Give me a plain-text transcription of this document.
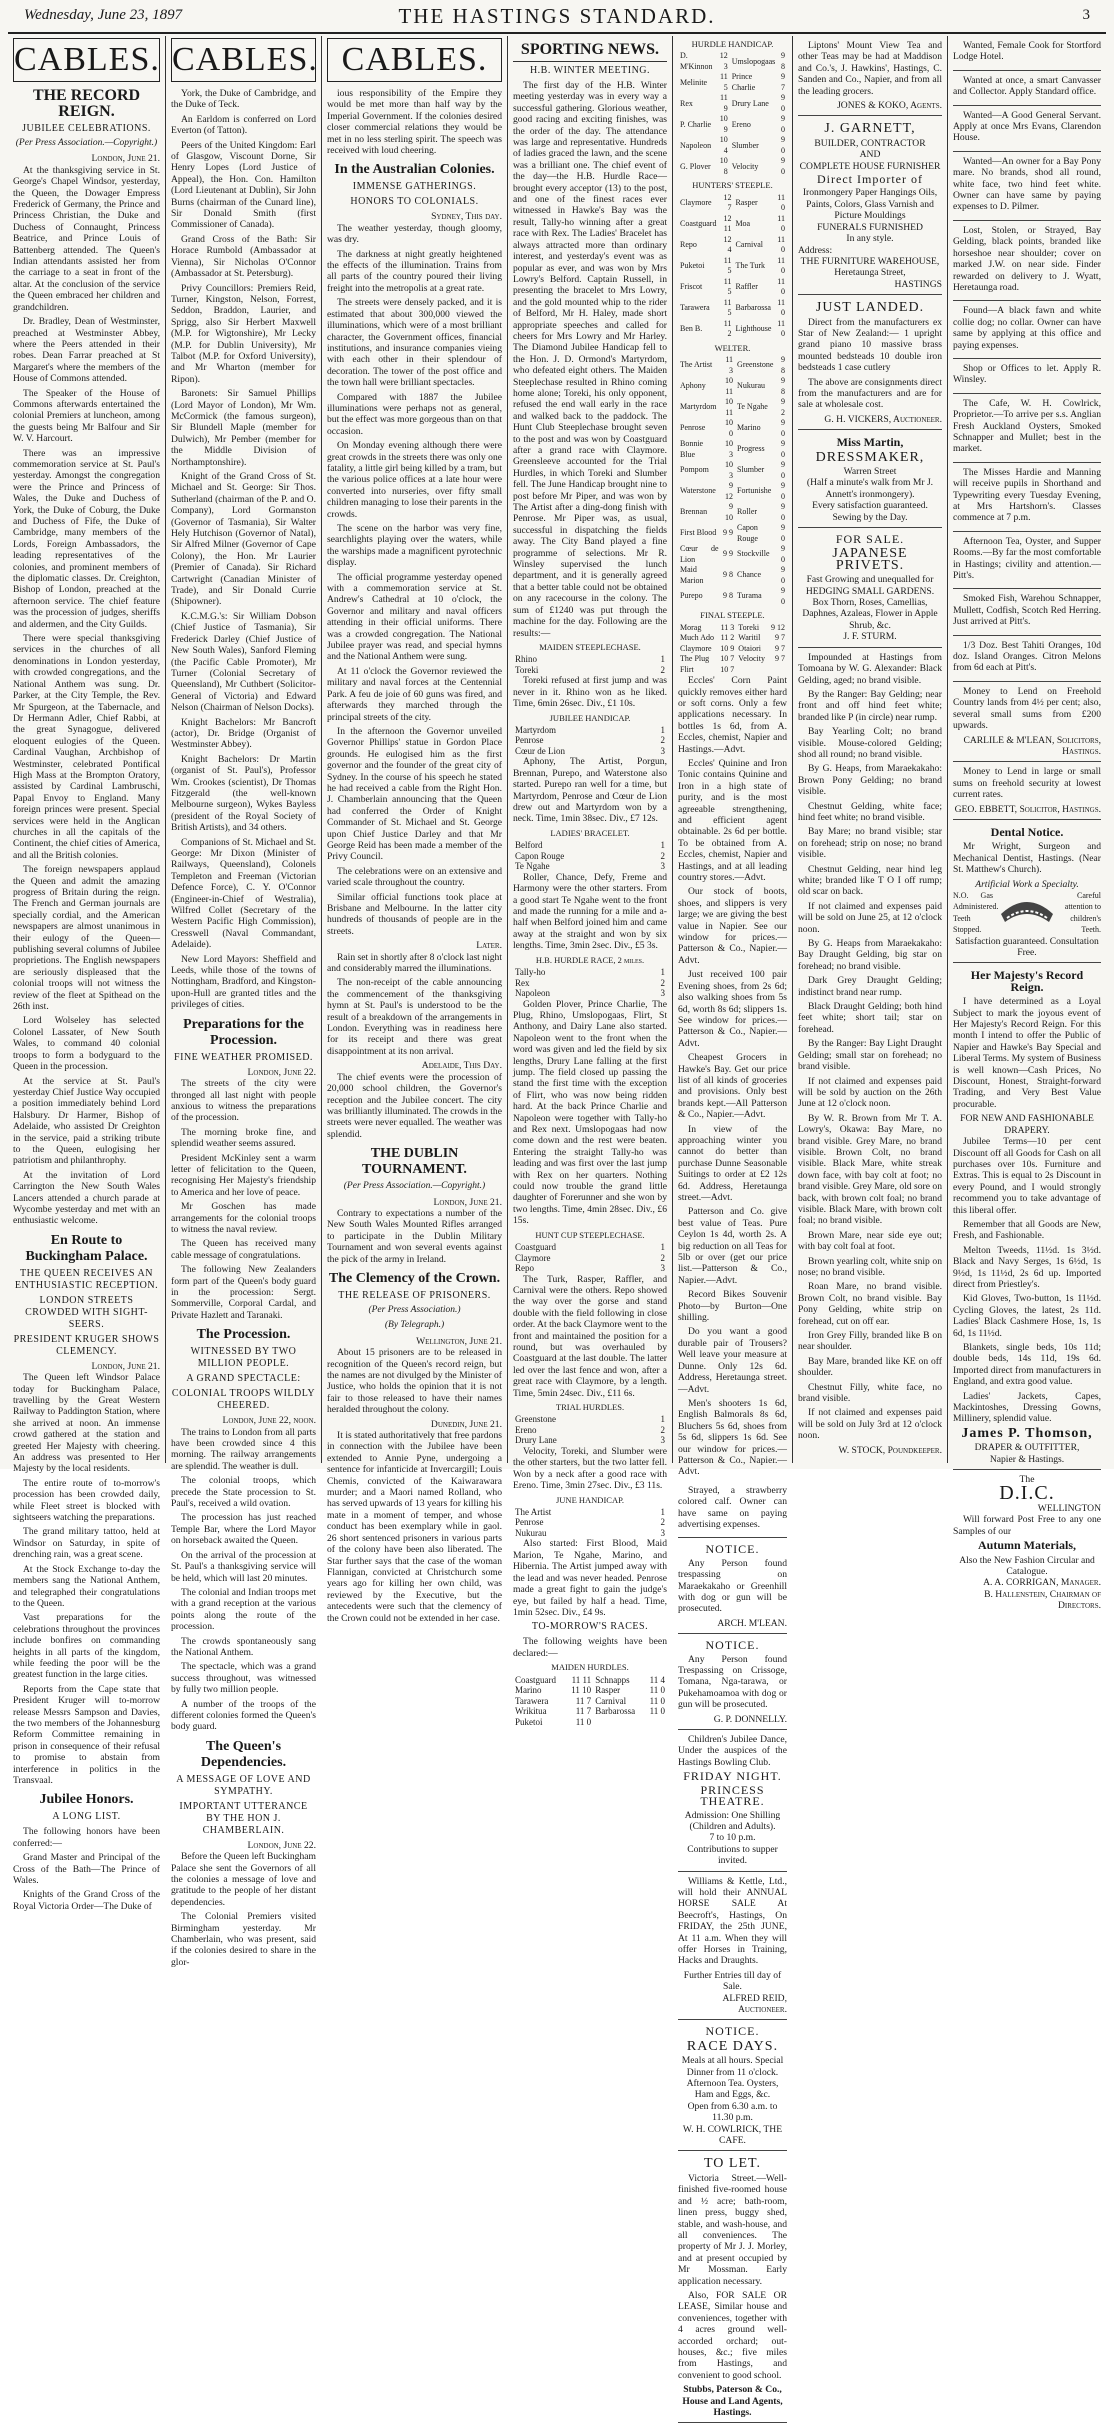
Wednesday, June 23, 1897	THE HASTINGS STANDARD.	3
CABLES.
THE RECORD REIGN.
JUBILEE CELEBRATIONS.
(Per Press Association.—Copyright.)
London, June 21.

At the thanksgiving service in St. George's Chapel Windsor, yesterday, the Queen, the Dowager Empress Frederick of Germany, the Prince and Princess Christian, the Duke and Duchess of Connaught, Princess Beatrice, and Prince Louis of Battenberg attended. The Queen's Indian attendants assisted her from the carriage to a seat in front of the altar. At the conclusion of the service the Queen embraced her children and grandchildren.

Dr. Bradley, Dean of Westminster, preached at Westminster Abbey, where the Peers attended in their robes. Dean Farrar preached at St Margaret's where the members of the House of Commons attended.

The Speaker of the House of Commons afterwards entertained the colonial Premiers at luncheon, among the guests being Mr Balfour and Sir W. V. Harcourt.

There was an impressive commemoration service at St. Paul's yesterday. Amongst the congregation were the Prince and Princess of Wales, the Duke and Duchess of York, the Duke of Coburg, the Duke and Duchess of Fife, the Duke of Cambridge, many members of the Lords, Foreign Ambassadors, the leading representatives of the colonies, and prominent members of the diplomatic classes. Dr. Creighton, Bishop of London, preached at the afternoon service. The chief feature was the procession of judges, sheriffs and aldermen, and the City Guilds.

There were special thanksgiving services in the churches of all denominations in London yesterday, with crowded congregations, and the National Anthem was sung. Dr. Parker, at the City Temple, the Rev. Mr Spurgeon, at the Tabernacle, and Dr Hermann Adler, Chief Rabbi, at the great Synagogue, delivered eloquent eulogies of the Queen. Cardinal Vaughan, Archbishop of Westminster, celebrated Pontifical High Mass at the Brompton Oratory, assisted by Cardinal Lambruschi, Papal Envoy to England. Many foreign princes were present. Special services were held in the Anglican churches in all the capitals of the Continent, the chief cities of America, and all the British colonies.

The foreign newspapers applaud the Queen and admit the amazing progress of Britain during the reign. The French and German journals are specially cordial, and the American newspapers are almost unanimous in their eulogy of the Queen—publishing several columns of Jubilee proprietions. The English newspapers are seriously displeased that the colonial troops will not witness the review of the fleet at Spithead on the 26th inst.

Lord Wolseley has selected Colonel Lassater, of New South Wales, to command 40 colonial troops to form a bodyguard to the Queen in the procession.

At the service at St. Paul's yesterday Chief Justice Way occupied a position immediately behind Lord Halsbury. Dr Harmer, Bishop of Adelaide, who assisted Dr Creighton in the service, paid a striking tribute to the Queen, eulogising her patriotism and philanthrophy.

At the invitation of Lord Carrington the New South Wales Lancers attended a church parade at Wycombe yesterday and met with an enthusiastic welcome.

En Route to Buckingham Palace.
THE QUEEN RECEIVES AN ENTHUSIASTIC RECEPTION.
LONDON STREETS CROWDED WITH SIGHT-SEERS.
PRESIDENT KRUGER SHOWS CLEMENCY.
London, June 21.

The Queen left Windsor Palace today for Buckingham Palace, travelling by the Great Western Railway to Paddington Station, where she arrived at noon. An immense crowd gathered at the station and greeted Her Majesty with cheering. An address was presented to Her Majesty by the local residents.

The entire route of to-morrow's procession has been crowded daily, while Fleet street is blocked with sightseers watching the preparations.

The grand military tattoo, held at Windsor on Saturday, in spite of drenching rain, was a great scene.

At the Stock Exchange to-day the members sang the National Anthem, and telegraphed their congratulations to the Queen.

Vast preparations for the celebrations throughout the provinces include bonfires on commanding heights in all parts of the kingdom, while feeding the poor will be the greatest function in the large cities.

Reports from the Cape state that President Kruger will to-morrow release Messrs Sampson and Davies, the two members of the Johannesburg Reform Committee remaining in prison in consequence of their refusal to promise to abstain from interference in politics in the Transvaal.

Jubilee Honors.
A LONG LIST.

The following honors have been conferred:—

Grand Master and Principal of the Cross of the Bath—The Prince of Wales.

Knights of the Grand Cross of the Royal Victoria Order—The Duke of

CABLES.

York, the Duke of Cambridge, and the Duke of Teck.

An Earldom is conferred on Lord Everton (of Tatton).

Peers of the United Kingdom: Earl of Glasgow, Viscount Dorne, Sir Henry Lopes (Lord Justice of Appeal), the Hon. Con. Hamilton (Lord Lieutenant at Dublin), Sir John Burns (chairman of the Cunard line), Sir Donald Smith (first Commissioner of Canada).

Grand Cross of the Bath: Sir Horace Rumbold (Ambassador at Vienna), Sir Nicholas O'Connor (Ambassador at St. Petersburg).

Privy Councillors: Premiers Reid, Turner, Kingston, Nelson, Forrest, Seddon, Braddon, Laurier, and Sprigg, also Sir Herbert Maxwell (M.P. for Wigtonshire), Mr Lecky (M.P. for Dublin University), Mr Talbot (M.P. for Oxford University), and Mr Wharton (member for Ripon).

Baronets: Sir Samuel Phillips (Lord Mayor of London), Mr Wm. McCormick (the famous surgeon), Sir Blundell Maple (member for Dulwich), Mr Pember (member for the Middle Division of Northamptonshire).

Knight of the Grand Cross of St. Michael and St. George: Sir Thos. Sutherland (chairman of the P. and O. Company), Lord Gormanston (Governor of Tasmania), Sir Walter Hely Hutchison (Governor of Natal), Sir Alfred Milner (Governor of Cape Colony), the Hon. Mr Laurier (Premier of Canada). Sir Richard Cartwright (Canadian Minister of Trade), and Sir Donald Currie (Shipowner).

K.C.M.G.'s: Sir William Dobson (Chief Justice of Tasmania), Sir Frederick Darley (Chief Justice of New South Wales), Sanford Fleming (the Pacific Cable Promoter), Mr Turner (Colonial Secretary of Queensland), Mr Cuthbert (Solicitor-General of Victoria) and Edward Nelson (Chairman of Nelson Docks).

Knight Bachelors: Mr Bancroft (actor), Dr. Bridge (Organist of Westminster Abbey).

Knight Bachelors: Dr Martin (organist of St. Paul's), Professor Wm. Crookes (scientist), Dr Thomas Fitzgerald (the well-known Melbourne surgeon), Wykes Bayless (president of the Royal Society of British Artists), and 34 others.

Companions of St. Michael and St. George: Mr Dixon (Minister of Railways, Queensland), Colonels Templeton and Freeman (Victorian Defence Force), C. Y. O'Connor (Engineer-in-Chief of Westralia), Wilfred Collet (Secretary of the Western Pacific High Commission), Cresswell (Naval Commandant, Adelaide).

New Lord Mayors: Sheffield and Leeds, while those of the towns of Nottingham, Bradford, and Kingston-upon-Hull are granted titles and the privileges of cities.

Preparations for the Procession.
FINE WEATHER PROMISED.
London, June 22.

The streets of the city were thronged all last night with people anxious to witness the preparations of the procession.

The morning broke fine, and splendid weather seems assured.

President McKinley sent a warm letter of felicitation to the Queen, recognising Her Majesty's friendship to America and her love of peace.

Mr Goschen has made arrangements for the colonial troops to witness the naval review.

The Queen has received many cable message of congratulations.

The following New Zealanders form part of the Queen's body guard in the procession: Sergt. Sommerville, Corporal Cardal, and Private Hazlett and Taranaki.

The Procession.
WITNESSED BY TWO MILLION PEOPLE.
A GRAND SPECTACLE:
COLONIAL TROOPS WILDLY CHEERED.
London, June 22, noon.

The trains to London from all parts have been crowded since 4 this morning. The railway arrangements are splendid. The weather is dull.

The colonial troops, which precede the State procession to St. Paul's, received a wild ovation.

The procession has just reached Temple Bar, where the Lord Mayor on horseback awaited the Queen.

On the arrival of the procession at St. Paul's a thanksgiving service will be held, which will last 20 minutes.

The colonial and Indian troops met with a grand reception at the various points along the route of the procession.

The crowds spontaneously sang the National Anthem.

The spectacle, which was a grand success throughout, was witnessed by fully two million people.

A number of the troops of the different colonies formed the Queen's body guard.

The Queen's Dependencies.
A MESSAGE OF LOVE AND SYMPATHY.
IMPORTANT UTTERANCE BY THE HON J. CHAMBERLAIN.
London, June 22.

Before the Queen left Buckingham Palace she sent the Governors of all the colonies a message of love and gratitude to the people of her distant dependencies.

The Colonial Premiers visited Birmingham yesterday. Mr Chamberlain, who was present, said if the colonies desired to share in the glor-

CABLES.

ious responsibility of the Empire they would be met more than half way by the Imperial Government. If the colonies desired closer commercial relations they would be met in no less sterling spirit. The speech was received with loud cheering.

In the Australian Colonies.
IMMENSE GATHERINGS.
HONORS TO COLONIALS.
Sydney, This day.

The weather yesterday, though gloomy, was dry.

The darkness at night greatly heightened the effects of the illumination. Trains from all parts of the country poured their living freight into the metropolis at a great rate.

The streets were densely packed, and it is estimated that about 300,000 viewed the illuminations, which were of a most brilliant character, the Government offices, financial institutions, and insurance companies vieing with each other in their splendour of decoration. The tower of the post office and the town hall were brilliant spectacles.

Compared with 1887 the Jubilee illuminations were perhaps not as general, but the effect was more gorgeous than on that occasion.

On Monday evening although there were great crowds in the streets there was only one fatality, a little girl being killed by a tram, but the various police offices at a late hour were converted into nurseries, over fifty small children managing to lose their parents in the crowds.

The scene on the harbor was very fine, searchlights playing over the waters, while the warships made a magnificent pyrotechnic display.

The official programme yesterday opened with a commemoration service at St. Andrew's Cathedral at 10 o'clock, the Governor and military and naval officers attending in their official uniforms. There was a crowded congregation. The National Jubilee prayer was read, and special hymns and the National Anthem were sung.

At 11 o'clock the Governor reviewed the military and naval forces at the Centennial Park. A feu de joie of 60 guns was fired, and afterwards they marched through the principal streets of the city.

In the afternoon the Governor unveiled Governor Phillips' statue in Gordon Place grounds. He eulogised him as the first governor and the founder of the great city of Sydney. In the course of his speech he stated he had received a cable from the Right Hon. J. Chamberlain announcing that the Queen had conferred the Order of Knight Commander of St. Michael and St. George upon Chief Justice Darley and that Mr George Reid has been made a member of the Privy Council.

The celebrations were on an extensive and varied scale throughout the country.

Similar official functions took place at Brisbane and Melbourne. In the latter city hundreds of thousands of people are in the streets.

Later.

Rain set in shortly after 8 o'clock last night and considerably marred the illuminations.

The non-receipt of the cable announcing the commencement of the thanksgiving hymn at St. Paul's is understood to be the result of a breakdown of the arrangements in London. Everything was in readiness here for its receipt and there was great disappointment at its non arrival.

Adelaide, This Day.

The chief events were the procession of 20,000 school children, the Governor's reception and the Jubilee concert. The city was brilliantly illuminated. The crowds in the streets were never equalled. The weather was splendid.

THE DUBLIN TOURNAMENT.
(Per Press Association.—Copyright.)
London, June 21.

Contrary to expectations a number of the New South Wales Mounted Rifles arranged to participate in the Dublin Military Tournament and won several events against the pick of the army in Ireland.

The Clemency of the Crown.
THE RELEASE OF PRISONERS.
(Per Press Association.)
(By Telegraph.)
Wellington, June 21.

About 15 prisoners are to be released in recognition of the Queen's record reign, but the names are not divulged by the Minister of Justice, who holds the opinion that it is not fair to those released to have their names heralded throughout the colony.

Dunedin, June 21.

It is stated authoritatively that free pardons in connection with the Jubilee have been extended to Annie Pyne, undergoing a sentence for infanticide at Invercargill; Louis Chemis, convicted of the Kaiwarawara murder; and a Maori named Rolland, who has served upwards of 13 years for killing his mate in a moment of temper, and whose conduct has been exemplary while in gaol. 26 short sentenced prisoners in various parts of the colony have been also liberated. The Star further says that the case of the woman Flannigan, convicted at Christchurch some years ago for killing her own child, was reviewed by the Executive, but the antecedents were such that the clemency of the Crown could not be extended in her case.

SPORTING NEWS.
H.B. WINTER MEETING.

The first day of the H.B. Winter meeting yesterday was in every way a successful gathering. Glorious weather, good racing and exciting finishes, was the order of the day. The attendance was large and representative. Hundreds of ladies graced the lawn, and the scene was a brilliant one. The chief event of the day—the H.B. Hurdle Race—brought every acceptor (13) to the post, and one of the finest races ever witnessed in Hawke's Bay was the result, Tally-ho winning after a great race with Rex. The Ladies' Bracelet has always attracted more than ordinary interest, and yesterday's event was as popular as ever, and was won by Mrs Lowry's Belford. Captain Russell, in presenting the bracelet to Mrs Lowry, and the gold mounted whip to the rider of Belford, Mr H. Haley, made short appropriate speeches and called for cheers for Mrs Lowry and Mr Harley. The Diamond Jubilee Handicap fell to the Hon. J. D. Ormond's Martyrdom, who defeated eight others. The Maiden Steeplechase resulted in Rhino coming home alone; Toreki, his only opponent, refused the end wall early in the race and walked back to the paddock. The Hunt Club Steeplechase brought seven to the post and was won by Coastguard after a grand race with Claymore. Greensleeve accounted for the Trial Hurdles, in which Toreki and Slumber fell. The June Handicap brought nine to post before Mr Piper, and was won by The Artist after a ding-dong finish with Penrose. Mr Piper was, as usual, successful in dispatching the fields away. The City Band played a fine programme of selections. Mr R. Winsley supervised the lunch department, and it is generally agreed that a better table could not be obtained on any racecourse in the colony. The sum of £1240 was put through the machine for the day. Following are the results:—

MAIDEN STEEPLECHASE.
Rhino	1
Toreki	2

Toreki refused at first jump and was never in it. Rhino won as he liked. Time, 6min 26sec. Div., £1 10s.

JUBILEE HANDICAP.
Martyrdom	1
Penrose	2
Cœur de Lion	3

Aphony, The Artist, Porgun, Brennan, Purepo, and Waterstone also started. Purepo ran well for a time, but Martyrdom, Penrose and Cœur de Lion drew out and Martyrdom won by a neck. Time, 1min 38sec. Div., £7 12s.

LADIES' BRACELET.
Belford	1
Capon Rouge	2
Te Ngahe	3

Roller, Chance, Defy, Freme and Harmony were the other starters. From a good start Te Ngahe went to the front and made the running for a mile and a-half when Belford joined him and came away at the straight and won by six lengths. Time, 3min 2sec. Div., £5 3s.

H.B. HURDLE RACE, 2 miles.
Tally-ho	1
Rex	2
Napoleon	3

Golden Plover, Prince Charlie, The Plug, Rhino, Umslopogaas, Flirt, St Anthony, and Dairy Lane also started. Napoleon went to the front when the word was given and led the field by six lengths, Drury Lane falling at the first jump. The field closed up passing the stand the first time with the exception of Flirt, who was now being ridden hard. At the back Prince Charlie and Napoleon were together with Tally-ho and Rex next. Umslopogaas had now come down and the rest were beaten. Entering the straight Tally-ho was leading and was first over the last jump with Rex on her quarters. Nothing could now trouble the grand little daughter of Forerunner and she won by two lengths. Time, 4min 28sec. Div., £6 15s.

HUNT CUP STEEPLECHASE.
Coastguard	1
Claymore	2
Repo	3

The Turk, Rasper, Raffler, and Carnival were the others. Repo showed the way over the gorse and stand double with the field following in close order. At the back Claymore went to the front and maintained the position for a round, but was overhauled by Coastguard at the last double. The latter led over the last fence and won, after a great race with Claymore, by a length. Time, 5min 24sec. Div., £11 6s.

TRIAL HURDLES.
Greenstone	1
Ereno	2
Drury Lane	3

Velocity, Toreki, and Slumber were the other starters, but the two latter fell. Won by a neck after a good race with Ereno. Time, 3min 27sec. Div., £3 11s.

JUNE HANDICAP.
The Artist	1
Penrose	2
Nukurau	3

Also started: First Blood, Maid Marion, Te Ngahe, Marino, and Hibernia. The Artist jumped away with the lead and was never headed. Penrose made a great fight to gain the judge's eye, but failed by half a head. Time, 1min 52sec. Div., £4 9s.

TO-MORROW'S RACES.

The following weights have been declared:—

MAIDEN HURDLES.
Coastguard	11 11	Schnapps	11 4
Marino	11 10	Rasper	11 0
Tarawera	11 7	Carnival	11 0
Wrikitua	11 7	Barbarossa	11 0
Puketoi	11 0		
HURDLE HANDICAP.
D. M'Kinnon	12 3	Umslopogaas	9 8
Melinite	11 5	Prince Charlie	9 7
Rex	11 9	Drury Lane	9 0
P. Charlie	10 9	Ereno	9 0
Napoleon	10 4	Slumber	9 0
G. Plover	10 8	Velocity	9 0
HUNTERS' STEEPLE.
Claymore	12 7	Rasper	11 0
Coastguard	12 11	Moa	11 0
Repo	12 4	Carnival	11 0
Puketoi	11 5	The Turk	11 0
Friscot	11 5	Raffler	11 0
Tarawera	11 5	Barbarossa	11 0
Ben B.	11 2	Lighthouse	11 0
WELTER.
The Artist	11 3	Greenstone	9 8
Aphony	10 11	Nukurau	9 8
Martyrdom	10 11	Te Ngahe	9 2
Penrose	10 0	Marino	9 0
Bonnie Blue	10 3	Progress	9 0
Pompom	10 3	Slumber	9 0
Waterstone	9 12	Fortunishe	9 0
Brennan	9 10	Roller	9 0
First Blood	9 9	Capon Rouge	9 0
Cœur de Lion	9 9	Stockville	9 0
Maid Marion	9 8	Chance	9 0
Purepo	9 8	Turama	9 0
FINAL STEEPLE.
Morag	11 3	Toreki	9 12
Much Ado	11 2	Waritil	9 7
Claymore	10 9	Otaiori	9 7
The Plug	10 7	Velocity	9 7
Flirt	10 7		

Eccles' Corn Paint quickly removes either hard or soft corns. Only a few applications necessary. In bottles 1s 6d, from A. Eccles, chemist, Napier and Hastings.—Advt.

Eccles' Quinine and Iron Tonic contains Quinine and Iron in a high state of purity, and is the most agreeable strengthening, and efficient agent obtainable. 2s 6d per bottle. To be obtained from A. Eccles, chemist, Napier and Hastings, and at all leading country stores.—Advt.

Our stock of boots, shoes, and slippers is very large; we are giving the best value in Napier. See our window for prices.—Patterson & Co., Napier.—Advt.

Just received 100 pair Evening shoes, from 2s 6d; also walking shoes from 5s 6d, worth 8s 6d; slippers 1s. See window for prices.—Patterson & Co., Napier.—Advt.

Cheapest Grocers in Hawke's Bay. Get our price list of all kinds of groceries and provisions. Only best brands kept.—All Patterson & Co., Napier.—Advt.

In view of the approaching winter you cannot do better than purchase Dunne Seasonable Suitings to order at £2 12s 6d. Address, Heretaunga street.—Advt.

Patterson and Co. give best value of Teas. Pure Ceylon 1s 4d, worth 2s. A big reduction on all Teas for 5lb or over (get our price list.—Patterson & Co., Napier.—Advt.

Record Bikes Souvenir Photo—by Burton—One shilling.

Do you want a good durable pair of Trousers? Well leave your measure at Dunne. Only 12s 6d. Address, Heretaunga street.—Advt.

Men's shooters 1s 6d, English Balmorals 8s 6d, Bluchers 5s 6d, shoes from 5s 6d, slippers 1s 6d. See our window for prices.—Patterson & Co., Napier.—Advt.

Strayed, a strawberry colored calf. Owner can have same on paying advertising expenses.

NOTICE.

Any Person found trespassing on Maraekakaho or Greenhill with dog or gun will be prosecuted.

ARCH. M'LEAN.
NOTICE.

Any Person found Trespassing on Crissoge, Tomana, Nga-tarawa, or Pukehamoamoa with dog or gun will be prosecuted.

G. P. DONNELLY.

Children's Jubilee Dance, Under the auspices of the Hastings Bowling Club.

FRIDAY NIGHT.
PRINCESS THEATRE.
Admission: One Shilling (Children and Adults).
7 to 10 p.m.
Contributions to supper invited.

Williams & Kettle, Ltd., will hold their ANNUAL HORSE SALE At Beecroft's, Hastings, On FRIDAY, the 25th JUNE, At 11 a.m. When they will offer Horses in Training, Hacks and Draughts.

Further Entries till day of Sale.
ALFRED REID, Auctioneer.
NOTICE.
RACE DAYS.
Meals at all hours. Special Dinner from 11 o'clock. Afternoon Tea. Oysters, Ham and Eggs, &c.
Open from 6.30 a.m. to 11.30 p.m.
W. H. COWLRICK, THE CAFE.
TO LET.

Victoria Street.—Well-finished five-roomed house and ½ acre; bath-room, linen press, buggy shed, stable, and wash-house, and all conveniences. The property of Mr J. J. Morley, and at present occupied by Mr Mossman. Early application necessary.

Also, FOR SALE OR LEASE, Similar house and conveniences, together with 4 acres ground well-accorded orchard; out-houses, &c.; five miles from Hastings, and convenient to good school.

Stubbs, Paterson & Co., House and Land Agents, Hastings.

Liptons' Mount View Tea and other Teas may be had at Maddison and Co.'s, J. Hawkins', Hastings, C. Sanden and Co., Napier, and from all the leading grocers.

JONES & KOKO, Agents.
J. GARNETT,
BUILDER, CONTRACTOR
AND
COMPLETE HOUSE FURNISHER
Direct Importer of
Ironmongery Paper Hangings Oils, Paints, Colors, Glass Varnish and Picture Mouldings
FUNERALS FURNISHED
In any style.
Address:
THE FURNITURE WAREHOUSE,
Heretaunga Street,
HASTINGS
JUST LANDED.

Direct from the manufacturers ex Star of New Zealand:— 1 upright grand piano 10 massive brass mounted bedsteads 10 double iron bedsteads 1 case cutlery

The above are consignments direct from the manufacturers and are for sale at wholesale cost.

G. H. VICKERS, Auctioneer.
Miss Martin,
DRESSMAKER,
Warren Street
(Half a minute's walk from Mr J. Annett's ironmongery).
Every satisfaction guaranteed.
Sewing by the Day.
FOR SALE.
JAPANESE PRIVETS.
Fast Growing and unequalled for HEDGING SMALL GARDENS.
Box Thorn, Roses, Camellias, Daphnes, Azaleas, Flower in Apple Shrub, &c.
J. F. STURM.

Impounded at Hastings from Tomoana by W. G. Alexander: Black Gelding, aged; no brand visible.

By the Ranger: Bay Gelding; near front and off hind feet white; branded like P (in circle) near rump.

Bay Yearling Colt; no brand visible. Mouse-colored Gelding; shod all round; no brand visible.

By G. Heaps, from Maraekakaho: Brown Pony Gelding; no brand visible.

Chestnut Gelding, white face; hind feet white; no brand visible.

Bay Mare; no brand visible; star on forehead; strip on nose; no brand visible.

Chestnut Gelding, near hind leg white; branded like T O I off rump; old scar on back.

If not claimed and expenses paid will be sold on June 25, at 12 o'clock noon.

By G. Heaps from Maraekakaho: Bay Draught Gelding, big star on forehead; no brand visible.

Dark Grey Draught Gelding; indistinct brand near rump.

Black Draught Gelding; both hind feet white; short tail; star on forehead.

By the Ranger: Bay Light Draught Gelding; small star on forehead; no brand visible.

If not claimed and expenses paid will be sold by auction on the 26th June at 12 o'clock noon.

By W. R. Brown from Mr T. A. Lowry's, Okawa: Bay Mare, no brand visible. Grey Mare, no brand visible. Brown Colt, no brand visible. Black Mare, white streak down face, with bay colt at foot; no brand visible. Grey Mare, old sore on back, with brown colt foal; no brand visible. Black Mare, with brown colt foal; no brand visible.

Brown Mare, near side eye out; with bay colt foal at foot.

Brown yearling colt, white snip on nose; no brand visible.

Roan Mare, no brand visible. Brown Colt, no brand visible. Bay Pony Gelding, white strip on forehead, cut on off ear.

Iron Grey Filly, branded like B on near shoulder.

Bay Mare, branded like KE on off shoulder.

Chestnut Filly, white face, no brand visible.

If not claimed and expenses paid will be sold on July 3rd at 12 o'clock noon.

W. STOCK, Poundkeeper.

Wanted, Female Cook for Stortford Lodge Hotel.

Wanted at once, a smart Canvasser and Collector. Apply Standard office.

Wanted—A Good General Servant. Apply at once Mrs Evans, Clarendon House.

Wanted—An owner for a Bay Pony mare. No brands, shod all round, white face, two hind feet white. Owner can have same by paying expenses to D. Pilmer.

Lost, Stolen, or Strayed, Bay Gelding, black points, branded like horseshoe near shoulder; cover on marked J.W. on near side. Finder rewarded on delivery to J. Wyatt, Heretaunga road.

Found—A black fawn and white collie dog; no collar. Owner can have same by applying at this office and paying expenses.

Shop or Offices to let. Apply R. Winsley.

The Cafe, W. H. Cowlrick, Proprietor.—To arrive per s.s. Anglian Fresh Auckland Oysters, Smoked Schnapper and Mullet; best in the market.

The Misses Hardie and Manning will receive pupils in Shorthand and Typewriting every Tuesday Evening, at Mrs Hartshorn's. Classes commence at 7 p.m.

Afternoon Tea, Oyster, and Supper Rooms.—By far the most comfortable in Hastings; civility and attention.—Pitt's.

Smoked Fish, Warehou Schnapper, Mullett, Codfish, Scotch Red Herring. Just arrived at Pitt's.

1/3 Doz. Best Tahiti Oranges, 10d doz. Island Oranges. Citron Melons from 6d each at Pitt's.

Money to Lend on Freehold Country lands from 4½ per cent; also, several small sums from £200 upwards.

CARLILE & M'LEAN, Solicitors, Hastings.

Money to Lend in large or small sums on freehold security at lowest current rates.

GEO. EBBETT, Solicitor, Hastings.
Dental Notice.

Mr Wright, Surgeon and Mechanical Dentist, Hastings. (Near St. Matthew's Church).

Artificial Work a Specialty.
N.O. Gas Administered. Teeth Stopped.
Careful attention to children's Teeth.
Satisfaction guaranteed. Consultation Free.
Her Majesty's Record Reign.

I have determined as a Loyal Subject to mark the joyous event of Her Majesty's Record Reign. For this month I intend to offer the Public of Napier and Hawke's Bay Special and Liberal Terms. My system of Business is well known—Cash Prices, No Discount, Honest, Straight-forward Trading, and Very Best Value procurable.

FOR NEW AND FASHIONABLE DRAPERY.

Jubilee Terms—10 per cent Discount off all Goods for Cash on all purchases over 10s. Furniture and Extras. This is equal to 2s Discount in every Pound, and I would strongly recommend you to take advantage of this liberal offer.

Remember that all Goods are New, Fresh, and Fashionable.

Melton Tweeds, 11½d. 1s 3½d. Black and Navy Serges, 1s 6½d, 1s 9½d, 1s 11½d, 2s 6d up. Imported direct from Priestley's.

Kid Gloves, Two-button, 1s 11½d. Cycling Gloves, the latest, 2s 11d. Ladies' Black Cashmere Hose, 1s, 1s 6d, 1s 11½d.

Blankets, single beds, 10s 11d; double beds, 14s 11d, 19s 6d. Imported direct from manufacturers in England, and extra good value.

Ladies' Jackets, Capes, Mackintoshes, Dressing Gowns, Millinery, splendid value.

James P. Thomson,
DRAPER & OUTFITTER,
Napier & Hastings.
The
D.I.C.
WELLINGTON

Will forward Post Free to any one Samples of our

Autumn Materials,
Also the New Fashion Circular and Catalogue.
A. A. CORRIGAN, Manager.
B. Hallenstein, Chairman of Directors.
